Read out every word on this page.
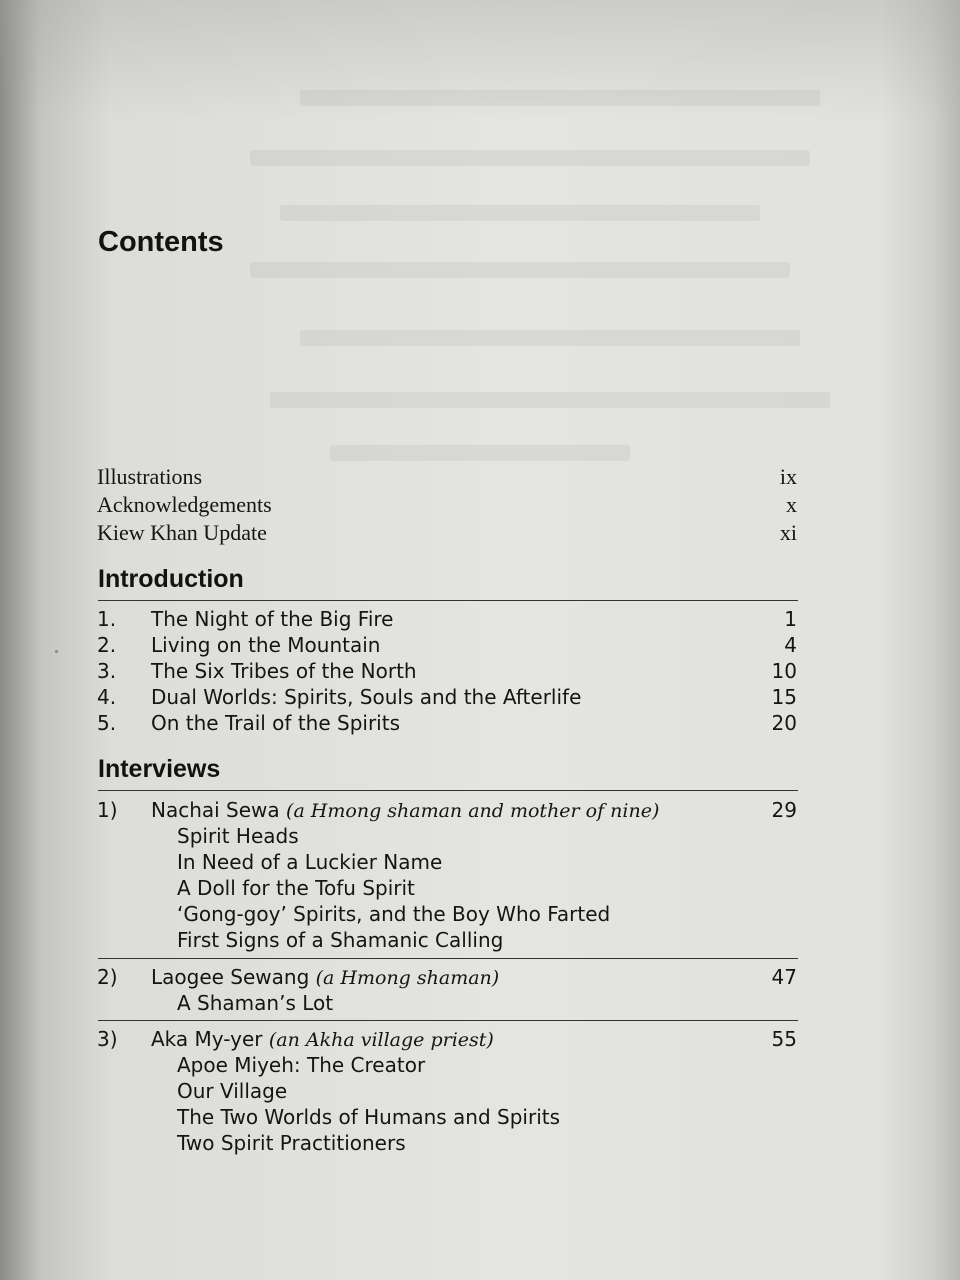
Contents
Illustrations	ix
Acknowledgements	x
Kiew Khan Update	xi
Introduction
1. The Night of the Big Fire	1
2. Living on the Mountain	4
3. The Six Tribes of the North	10
4. Dual Worlds: Spirits, Souls and the Afterlife	15
5. On the Trail of the Spirits	20
Interviews
1) Nachai Sewa (a Hmong shaman and mother of nine)	29
Spirit Heads
In Need of a Luckier Name
A Doll for the Tofu Spirit
‘Gong-goy’ Spirits, and the Boy Who Farted
First Signs of a Shamanic Calling
2) Laogee Sewang (a Hmong shaman)	47
A Shaman’s Lot
3) Aka My-yer (an Akha village priest)	55
Apoe Miyeh: The Creator
Our Village
The Two Worlds of Humans and Spirits
Two Spirit Practitioners
